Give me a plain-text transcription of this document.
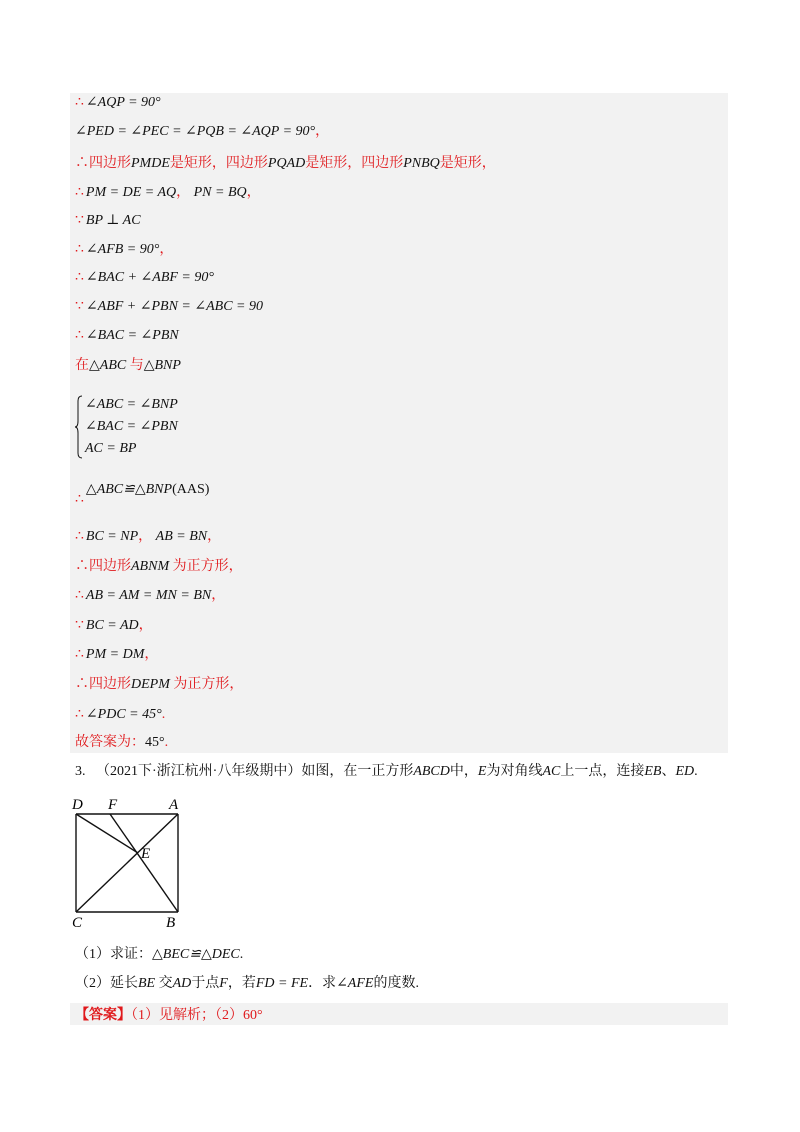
∴ ∠AQP = 90°
∠PED = ∠PEC = ∠PQB = ∠AQP = 90°，
∴四边形PMDE是矩形，四边形PQAD是矩形，四边形PNBQ是矩形，
∴ PM = DE = AQ， PN = BQ，
∵ BP ⊥ AC
∴ ∠AFB = 90°，
∴ ∠BAC + ∠ABF = 90°
∵ ∠ABF + ∠PBN = ∠ABC = 90
∴ ∠BAC = ∠PBN
在△ABC 与△BNP
∠ABC = ∠BNP
∠BAC = ∠PBN
AC = BP
∴△ABC≌△BNP(AAS)
∴ BC = NP， AB = BN，
∴四边形ABNM 为正方形，
∴ AB = AM = MN = BN，
∵ BC = AD，
∴ PM = DM，
∴四边形DEPM 为正方形，
∴ ∠PDC = 45°.
故答案为：45°.
3. （2021下·浙江杭州·八年级期中）如图，在一正方形ABCD中，E为对角线AC上一点，连接EB、ED.
D F	A
E
C	B
（1）求证：△BEC≌△DEC.
（2）延长BE 交AD于点F，若FD = FE．求∠AFE的度数.
【答案】（1）见解析；（2）60°
